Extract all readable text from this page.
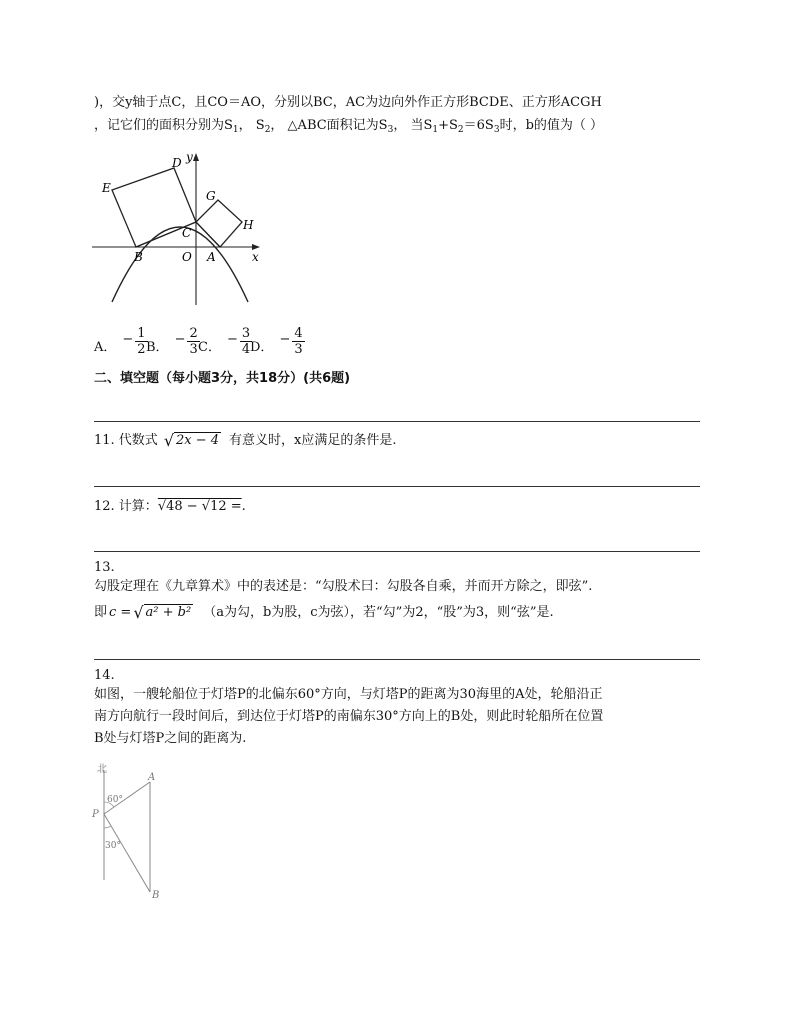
)，交y轴于点C，且CO＝AO，分别以BC，AC为边向外作正方形BCDE、正方形ACGH
，记它们的面积分别为$S_1$， $S_2$， △ABC面积记为$S_3$， 当$S_1+S_2=6S_3$时，b的值为（ ）
y
x
D
E
G
H
C
B	O A
A．
− $\frac{1}{2}$
B．
− $\frac{2}{3}$
C．
− $\frac{3}{4}$
D．
− $\frac{4}{3}$
二、填空题（每小题3分，共18分）(共6题)
11. 代数式 √ 2x − 4 有意义时，x应满足的条件是.
12. 计算：√48 − √12 =.
13.
勾股定理在《九章算术》中的表述是：“勾股术曰：勾股各自乘，并而开方除之，即弦”.
即 c = √ a² + b² （a为勾，b为股，c为弦），若“勾”为2，“股”为3，则“弦”是.
14.
如图，一艘轮船位于灯塔P的北偏东60°方向，与灯塔P的距离为30海里的A处，轮船沿正
南方向航行一段时间后，到达位于灯塔P的南偏东30°方向上的B处，则此时轮船所在位置
B处与灯塔P之间的距离为.
北
A
P
B
60°
30°
